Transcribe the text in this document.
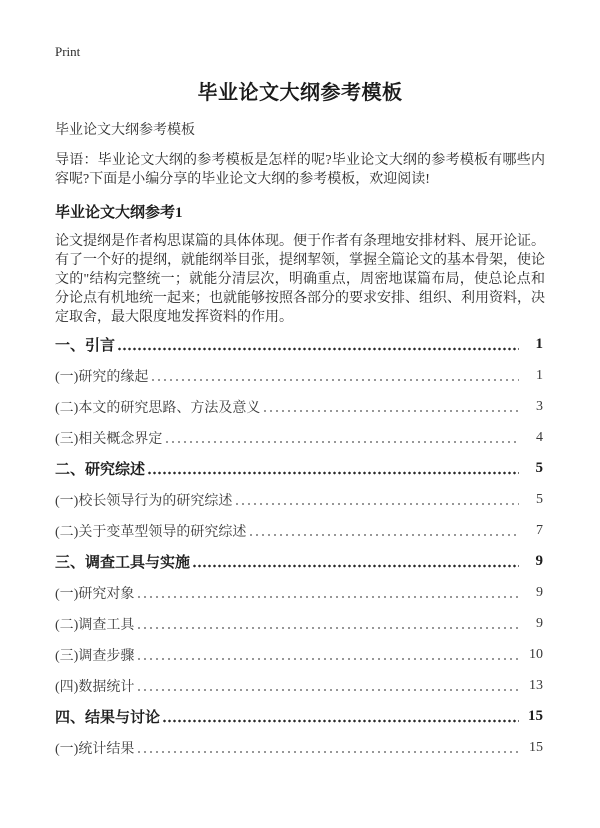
Print
毕业论文大纲参考模板
毕业论文大纲参考模板

导语：毕业论文大纲的参考模板是怎样的呢?毕业论文大纲的参考模板有哪些内容呢?下面是小编分享的毕业论文大纲的参考模板，欢迎阅读!

毕业论文大纲参考1

论文提纲是作者构思谋篇的具体体现。便于作者有条理地安排材料、展开论证。有了一个好的提纲，就能纲举目张，提纲挈领，掌握全篇论文的基本骨架，使论文的"结构完整统一；就能分清层次，明确重点，周密地谋篇布局，使总论点和分论点有机地统一起来；也就能够按照各部分的要求安排、组织、利用资料，决定取舍，最大限度地发挥资料的作用。

一、引言	1
(一)研究的缘起	1
(二)本文的研究思路、方法及意义	3
(三)相关概念界定	4
二、研究综述	5
(一)校长领导行为的研究综述	5
(二)关于变革型领导的研究综述	7
三、调查工具与实施	9
(一)研究对象	9
(二)调查工具	9
(三)调查步骤	10
(四)数据统计	13
四、结果与讨论	15
(一)统计结果	15
